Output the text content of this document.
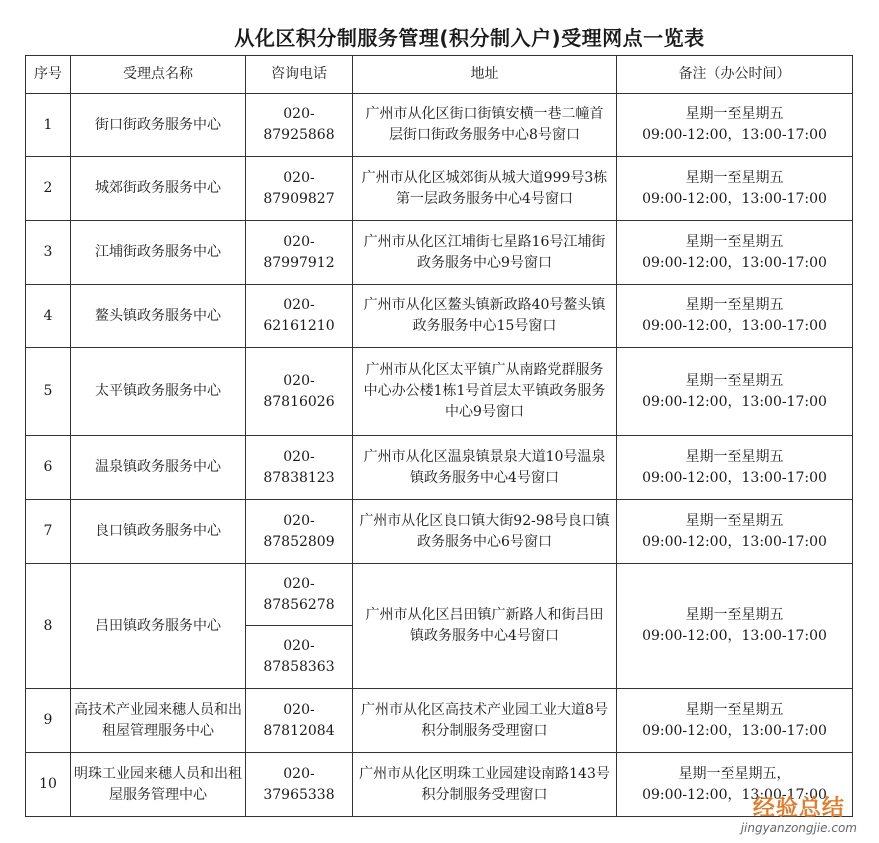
从化区积分制服务管理(积分制入户)受理网点一览表
序号	受理点名称	咨询电话	地址	备注（办公时间）
1	街口街政务服务中心	020-87925868	广州市从化区街口街镇安横一巷二幢首层街口街政务服务中心8号窗口	星期一至星期五
09:00-12:00，13:00-17:00

2	城郊街政务服务中心	020-87909827	广州市从化区城郊街从城大道999号3栋第一层政务服务中心4号窗口	星期一至星期五
09:00-12:00，13:00-17:00

3	江埔街政务服务中心	020-87997912	广州市从化区江埔街七星路16号江埔街政务服务中心9号窗口	星期一至星期五
09:00-12:00，13:00-17:00

4	鳌头镇政务服务中心	020-62161210	广州市从化区鳌头镇新政路40号鳌头镇政务服务中心15号窗口	星期一至星期五
09:00-12:00，13:00-17:00

5	太平镇政务服务中心	020-87816026	广州市从化区太平镇广从南路党群服务中心办公楼1栋1号首层太平镇政务服务中心9号窗口	星期一至星期五
09:00-12:00，13:00-17:00

6	温泉镇政务服务中心	020-87838123	广州市从化区温泉镇景泉大道10号温泉镇政务服务中心4号窗口	星期一至星期五
09:00-12:00，13:00-17:00

7	良口镇政务服务中心	020-87852809	广州市从化区良口镇大街92-98号良口镇政务服务中心6号窗口	星期一至星期五
09:00-12:00，13:00-17:00

8	吕田镇政务服务中心	020-87856278	广州市从化区吕田镇广新路人和街吕田镇政务服务中心4号窗口	星期一至星期五
09:00-12:00，13:00-17:00

		020-87858363		
9	高技术产业园来穗人员和出租屋管理服务中心	020-87812084	广州市从化区高技术产业园工业大道8号积分制服务受理窗口	星期一至星期五
09:00-12:00，13:00-17:00

10	明珠工业园来穗人员和出租屋服务管理中心	020-37965338	广州市从化区明珠工业园建设南路143号积分制服务受理窗口	星期一至星期五，
09:00-12:00，13:00-17:00
经验总结
jingyanzongjie.com
